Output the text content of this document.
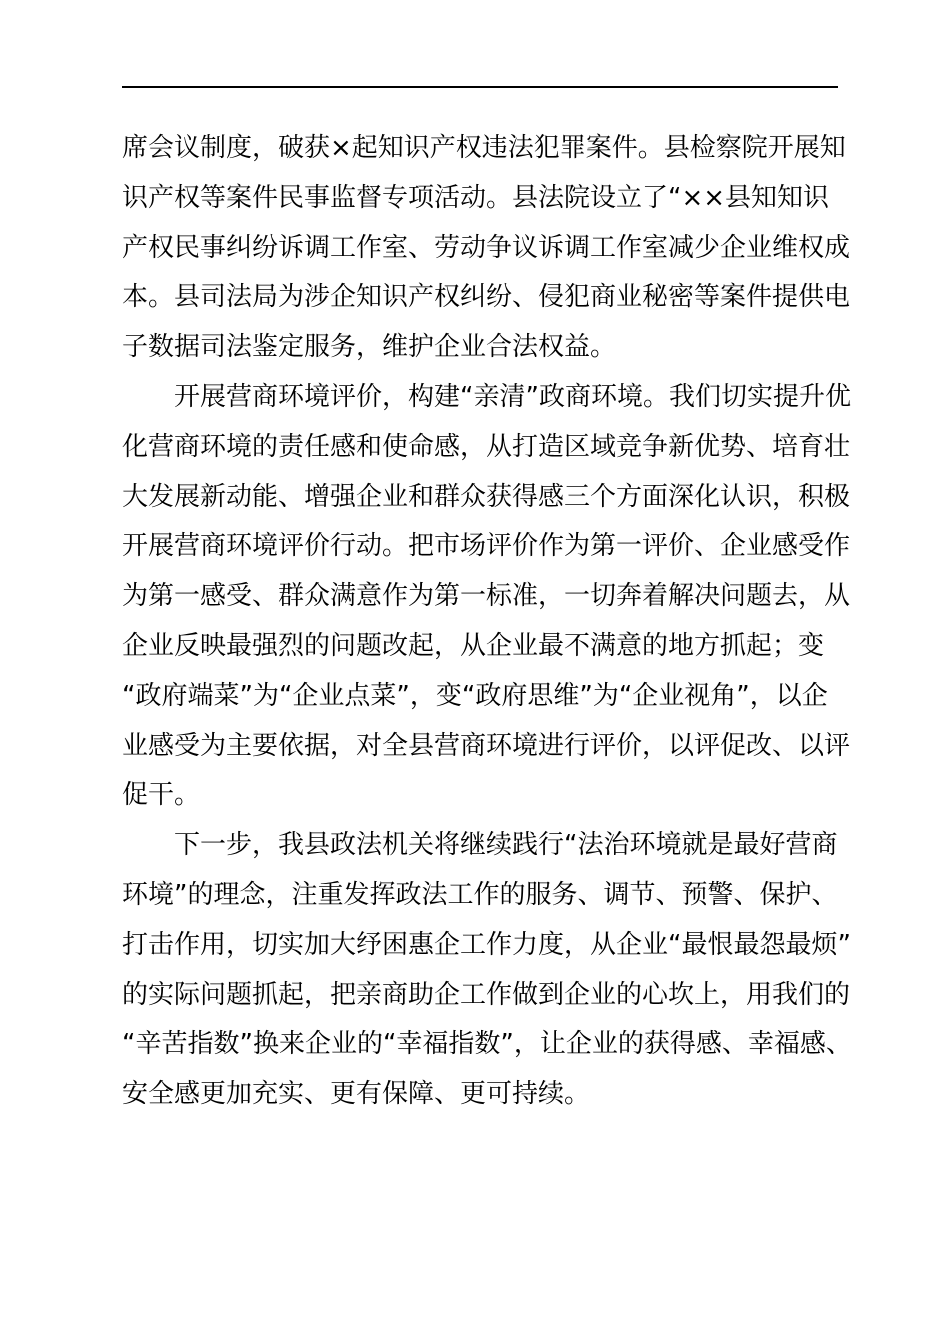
席会议制度，破获×起知识产权违法犯罪案件。县检察院开展知
识产权等案件民事监督专项活动。县法院设立了“××县知知识
产权民事纠纷诉调工作室、劳动争议诉调工作室减少企业维权成
本。县司法局为涉企知识产权纠纷、侵犯商业秘密等案件提供电
子数据司法鉴定服务，维护企业合法权益。
开展营商环境评价，构建“亲清”政商环境。我们切实提升优
化营商环境的责任感和使命感，从打造区域竞争新优势、培育壮
大发展新动能、增强企业和群众获得感三个方面深化认识，积极
开展营商环境评价行动。把市场评价作为第一评价、企业感受作
为第一感受、群众满意作为第一标准，一切奔着解决问题去，从
企业反映最强烈的问题改起，从企业最不满意的地方抓起；变
“政府端菜”为“企业点菜”，变“政府思维”为“企业视角”，以企
业感受为主要依据，对全县营商环境进行评价，以评促改、以评
促干。
下一步，我县政法机关将继续践行“法治环境就是最好营商
环境”的理念，注重发挥政法工作的服务、调节、预警、保护、
打击作用，切实加大纾困惠企工作力度，从企业“最恨最怨最烦”
的实际问题抓起，把亲商助企工作做到企业的心坎上，用我们的
“辛苦指数”换来企业的“幸福指数”，让企业的获得感、幸福感、
安全感更加充实、更有保障、更可持续。
